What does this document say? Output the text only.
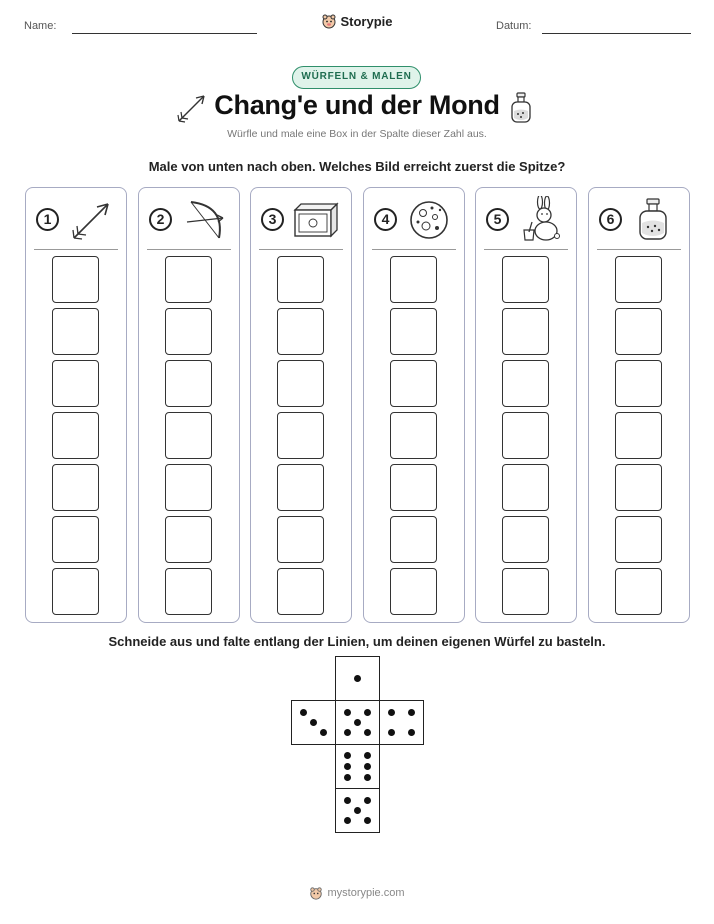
Name:	Datum:
Storypie
WÜRFELN & MALEN
Chang'e und der Mond
Würfle und male eine Box in der Spalte dieser Zahl aus.
Male von unten nach oben. Welches Bild erreicht zuerst die Spitze?
1	2	3	4	5	6
Schneide aus und falte entlang der Linien, um deinen eigenen Würfel zu basteln.
mystorypie.com
